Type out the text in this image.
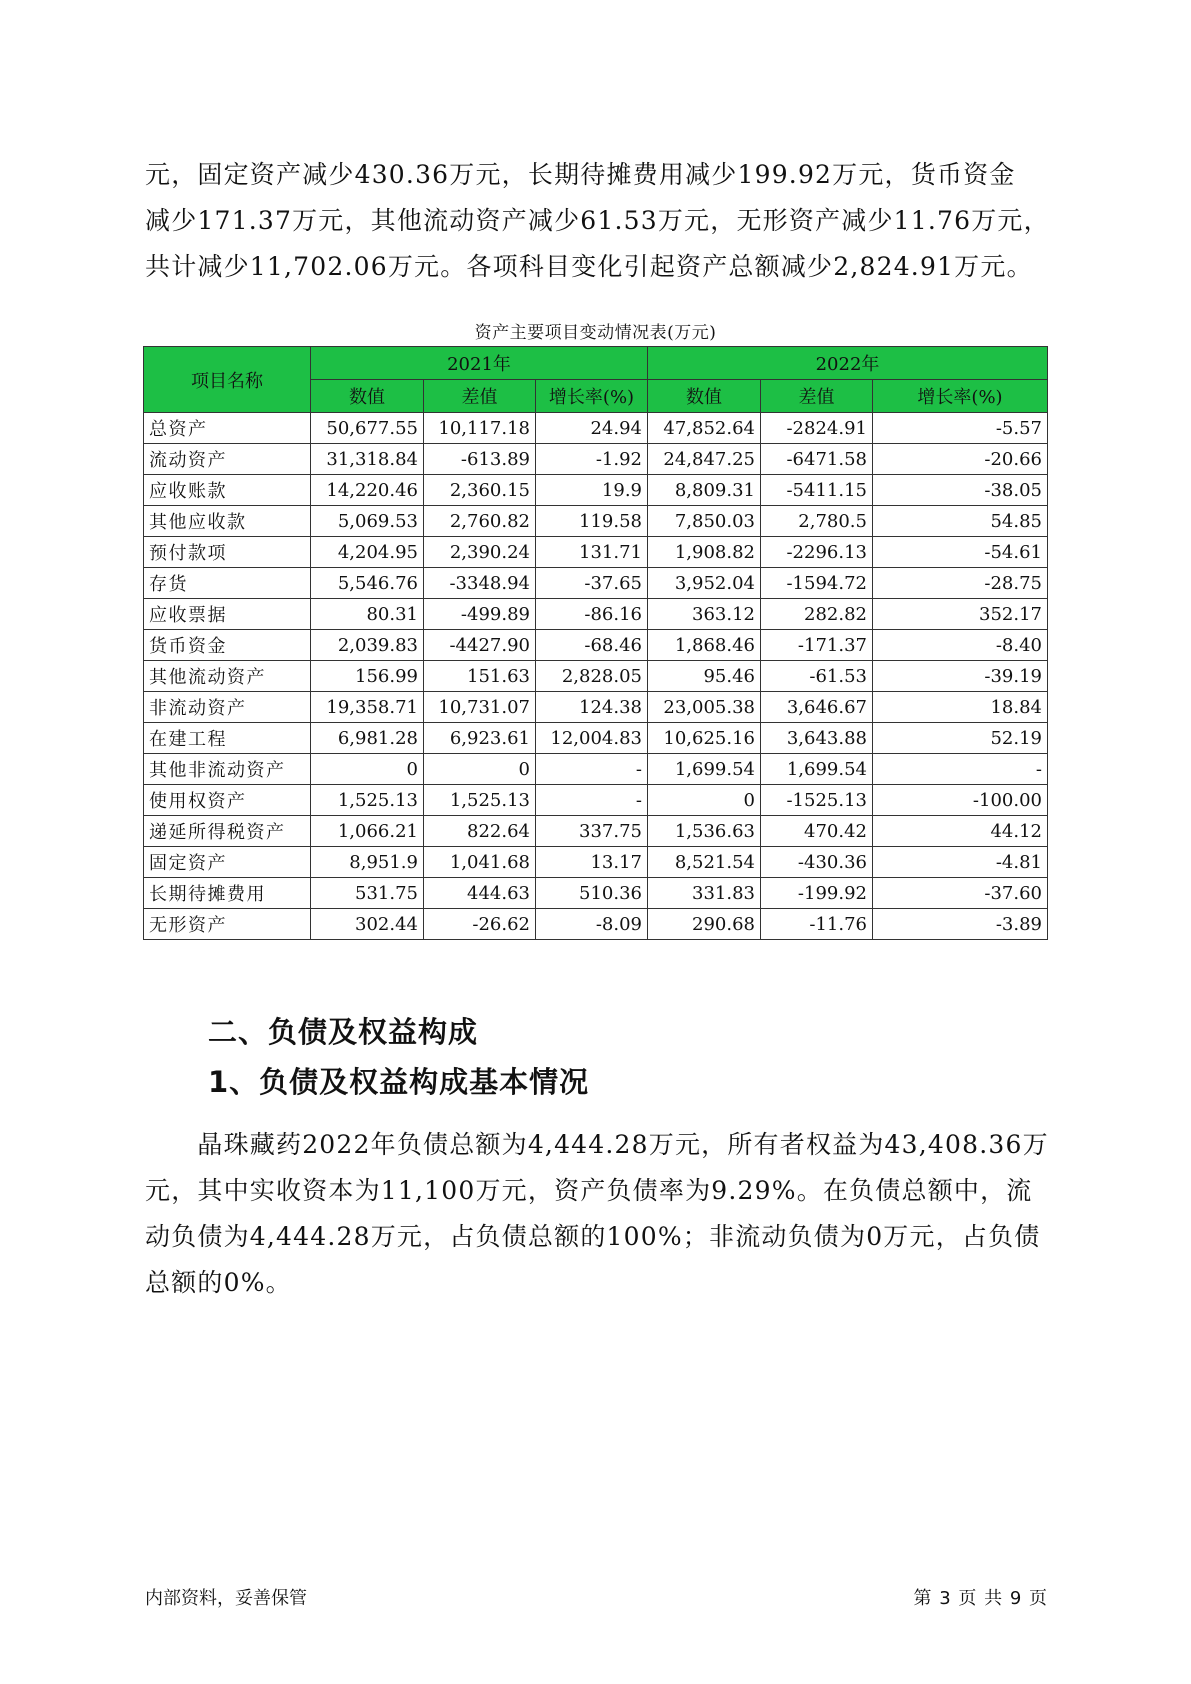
元，固定资产减少430.36万元，长期待摊费用减少199.92万元，货币资金
减少171.37万元，其他流动资产减少61.53万元，无形资产减少11.76万元，
共计减少11,702.06万元。各项科目变化引起资产总额减少2,824.91万元。
资产主要项目变动情况表(万元)
项目名称	2021年			2022年		
	数值	差值	增长率(%)	数值	差值	增长率(%)
总资产	50,677.55	10,117.18	24.94	47,852.64	-2824.91	-5.57
流动资产	31,318.84	-613.89	-1.92	24,847.25	-6471.58	-20.66
应收账款	14,220.46	2,360.15	19.9	8,809.31	-5411.15	-38.05
其他应收款	5,069.53	2,760.82	119.58	7,850.03	2,780.5	54.85
预付款项	4,204.95	2,390.24	131.71	1,908.82	-2296.13	-54.61
存货	5,546.76	-3348.94	-37.65	3,952.04	-1594.72	-28.75
应收票据	80.31	-499.89	-86.16	363.12	282.82	352.17
货币资金	2,039.83	-4427.90	-68.46	1,868.46	-171.37	-8.40
其他流动资产	156.99	151.63	2,828.05	95.46	-61.53	-39.19
非流动资产	19,358.71	10,731.07	124.38	23,005.38	3,646.67	18.84
在建工程	6,981.28	6,923.61	12,004.83	10,625.16	3,643.88	52.19
其他非流动资产	0	0	-	1,699.54	1,699.54	-
使用权资产	1,525.13	1,525.13	-	0	-1525.13	-100.00
递延所得税资产	1,066.21	822.64	337.75	1,536.63	470.42	44.12
固定资产	8,951.9	1,041.68	13.17	8,521.54	-430.36	-4.81
长期待摊费用	531.75	444.63	510.36	331.83	-199.92	-37.60
无形资产	302.44	-26.62	-8.09	290.68	-11.76	-3.89
二、负债及权益构成
1、负债及权益构成基本情况
　　晶珠藏药2022年负债总额为4,444.28万元，所有者权益为43,408.36万
元，其中实收资本为11,100万元，资产负债率为9.29%。在负债总额中，流
动负债为4,444.28万元，占负债总额的100%；非流动负债为0万元，占负债
总额的0%。
内部资料，妥善保管	第 3 页 共 9 页
